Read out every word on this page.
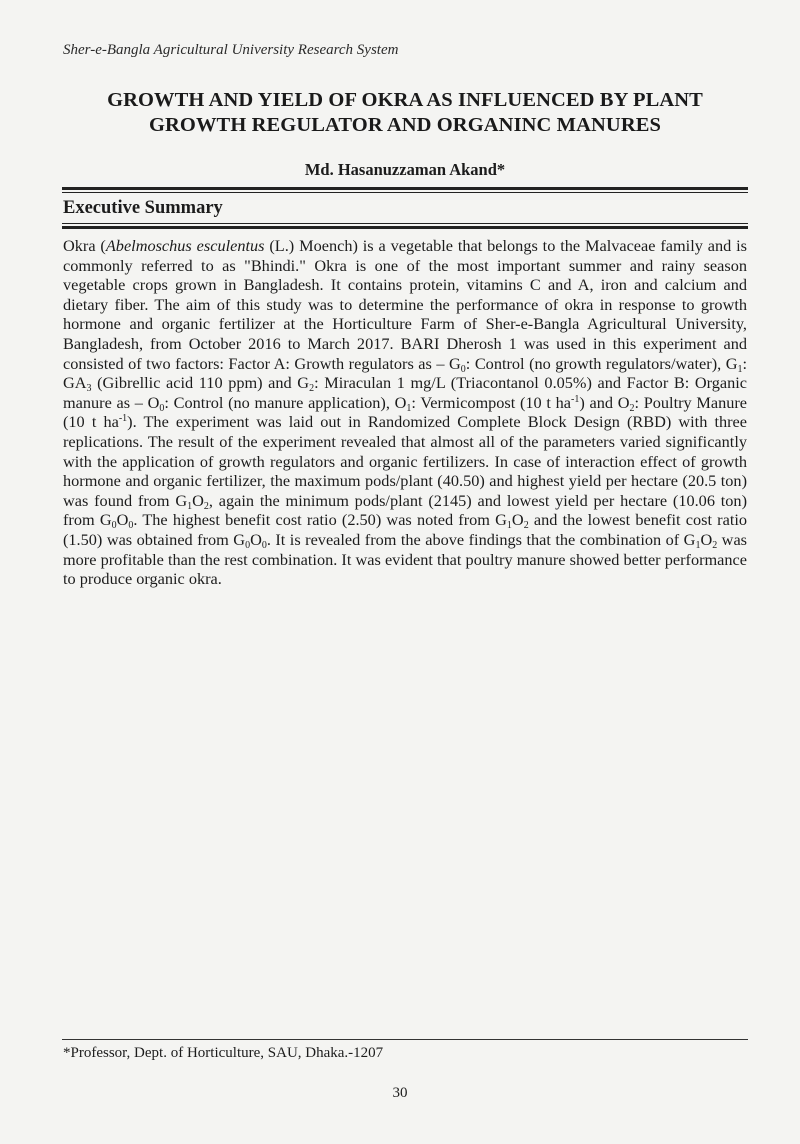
Sher-e-Bangla Agricultural University Research System
GROWTH AND YIELD OF OKRA AS INFLUENCED BY PLANT
GROWTH REGULATOR AND ORGANINC MANURES
Md. Hasanuzzaman Akand*
Executive Summary

Okra (Abelmoschus esculentus (L.) Moench) is a vegetable that belongs to the Malvaceae family and is commonly referred to as "Bhindi." Okra is one of the most important summer and rainy season vegetable crops grown in Bangladesh. It contains protein, vitamins C and A, iron and calcium and dietary fiber. The aim of this study was to determine the performance of okra in response to growth hormone and organic fertilizer at the Horticulture Farm of Sher-e-Bangla Agricultural University, Bangladesh, from October 2016 to March 2017. BARI Dherosh 1 was used in this experiment and consisted of two factors: Factor A: Growth regulators as – $G_0$: Control (no growth regulators/water), $G_1$: $GA_3$ (Gibrellic acid 110 ppm) and $G_2$: Miraculan 1 mg/L (Triacontanol 0.05%) and Factor B: Organic manure as – $O_0$: Control (no manure application), $O_1$: Vermicompost (10 t $ha^{-1}$) and $O_2$: Poultry Manure (10 t $ha^{-1}$). The experiment was laid out in Randomized Complete Block Design (RBD) with three replications. The result of the experiment revealed that almost all of the parameters varied significantly with the application of growth regulators and organic fertilizers. In case of interaction effect of growth hormone and organic fertilizer, the maximum pods/plant (40.50) and highest yield per hectare (20.5 ton) was found from $G_1O_2$, again the minimum pods/plant (2145) and lowest yield per hectare (10.06 ton) from $G_0O_0$. The highest benefit cost ratio (2.50) was noted from $G_1O_2$ and the lowest benefit cost ratio (1.50) was obtained from $G_0O_0$. It is revealed from the above findings that the combination of $G_1O_2$ was more profitable than the rest combination. It was evident that poultry manure showed better performance to produce organic okra.

*Professor, Dept. of Horticulture, SAU, Dhaka.-1207
30
